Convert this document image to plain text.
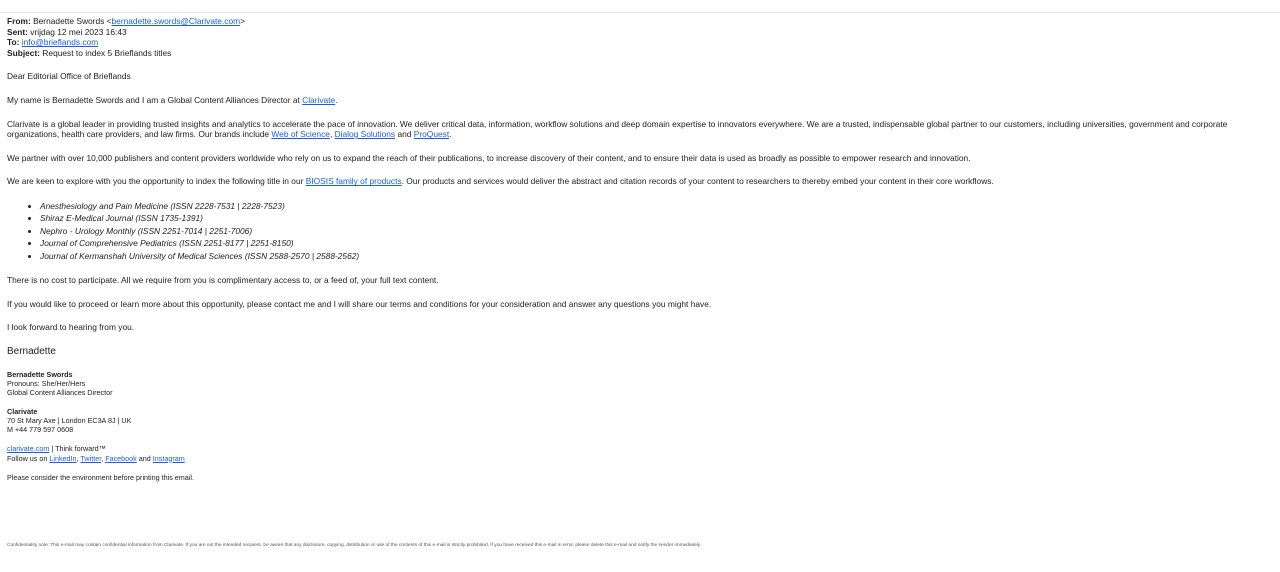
From: Bernadette Swords <bernadette.swords@Clarivate.com>
Sent: vrijdag 12 mei 2023 16:43
To: info@brieflands.com
Subject: Request to index 5 Brieflands titles

Dear Editorial Office of Brieflands

My name is Bernadette Swords and I am a Global Content Alliances Director at Clarivate.

Clarivate is a global leader in providing trusted insights and analytics to accelerate the pace of innovation. We deliver critical data, information, workflow solutions and deep domain expertise to innovators everywhere. We are a trusted, indispensable global partner to our customers, including universities, government and corporate organizations, health care providers, and law firms. Our brands include Web of Science, Dialog Solutions and ProQuest.

We partner with over 10,000 publishers and content providers worldwide who rely on us to expand the reach of their publications, to increase discovery of their content, and to ensure their data is used as broadly as possible to empower research and innovation.

We are keen to explore with you the opportunity to index the following title in our BIOSIS family of products. Our products and services would deliver the abstract and citation records of your content to researchers to thereby embed your content in their core workflows.

• Anesthesiology and Pain Medicine (ISSN 2228-7531 | 2228-7523)
• Shiraz E-Medical Journal (ISSN 1735-1391)
• Nephro - Urology Monthly (ISSN 2251-7014 | 2251-7006)
• Journal of Comprehensive Pediatrics (ISSN 2251-8177 | 2251-8150)
• Journal of Kermanshah University of Medical Sciences (ISSN 2588-2570 | 2588-2562)

There is no cost to participate. All we require from you is complimentary access to, or a feed of, your full text content.

If you would like to proceed or learn more about this opportunity, please contact me and I will share our terms and conditions for your consideration and answer any questions you might have.

I look forward to hearing from you.

Bernadette
Bernadette Swords
Pronouns: She/Her/Hers
Global Content Alliances Director
Clarivate
70 St Mary Axe | London EC3A 8J | UK
M +44 779 597 0608
clarivate.com | Think forward™
Follow us on LinkedIn, Twitter, Facebook and Instagram
Please consider the environment before printing this email.
Confidentiality note: This e-mail may contain confidential information from Clarivate. If you are not the intended recipient, be aware that any disclosure, copying, distribution or use of the contents of this e-mail is strictly prohibited. If you have received this e-mail in error, please delete this e-mail and notify the sender immediately.
